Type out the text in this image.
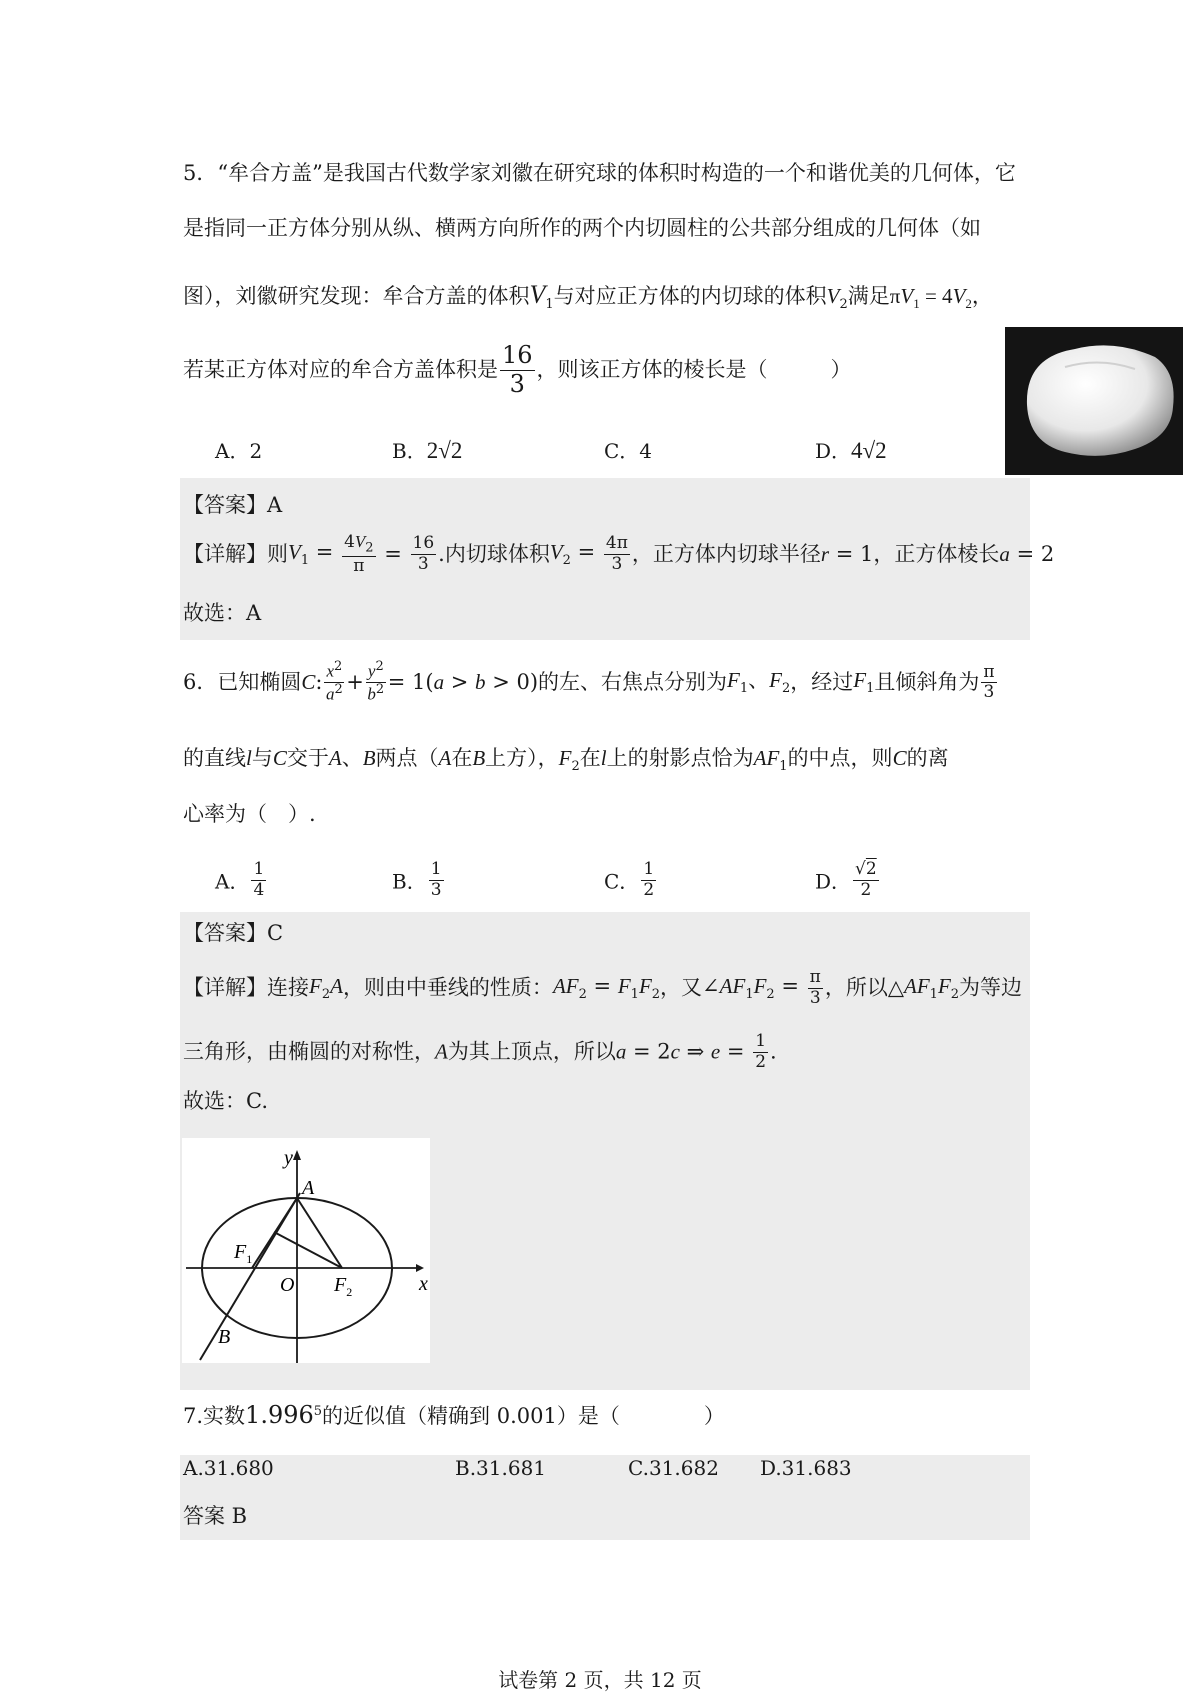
5．“牟合方盖”是我国古代数学家刘徽在研究球的体积时构造的一个和谐优美的几何体，它
是指同一正方体分别从纵、横两方向所作的两个内切圆柱的公共部分组成的几何体（如
图），刘徽研究发现：牟合方盖的体积$V_1$与对应正方体的内切球的体积$V_2$满足$\pi V_1 = 4V_2$，
若某正方体对应的牟合方盖体积是 $\frac{16}{3}$ ，则该正方体的棱长是（　　　）
A．2	B．2√2	C．4	D．4√2
【答案】A
【详解】则$V_1 = \frac{4V_2}{\pi} = \frac{16}{3}$ .内切球体积$V_2 = \frac{4\pi}{3}$ ，正方体内切球半径r = 1，正方体棱长a = 2
故选：A
6．已知椭圆C: $\frac{x^2}{a^2} + \frac{y^2}{b^2} = 1(a > b > 0)$的左、右焦点分别为$F_1$、$F_2$，经过$F_1$且倾斜角为 $\frac{\pi}{3}$
的直线l与C交于A、B两点（A在B上方），$F_2$在l上的射影点恰为$AF_1$的中点，则C的离
心率为（　）.
A． $\frac{1}{4}$	B． $\frac{1}{3}$	C． $\frac{1}{2}$	D． $\frac{√2}{2}$
【答案】C
【详解】连接$F_2A$，则由中垂线的性质：$AF_2 = F_1F_2$，又$\angle AF_1F_2 = \frac{\pi}{3}$ ，所以$\triangle AF_1F_2$为等边
三角形，由椭圆的对称性，A为其上顶点，所以a = 2c ⇒ $e = \frac{1}{2}$ .
故选：C.
y
x
A
B
O
$F_1$
$F_2$
7.实数1.996$^5$的近似值（精确到 0.001）是（　　　　）
A.31.680	B.31.681	C.31.682 D.31.683
答案 B
试卷第 2 页，共 12 页
